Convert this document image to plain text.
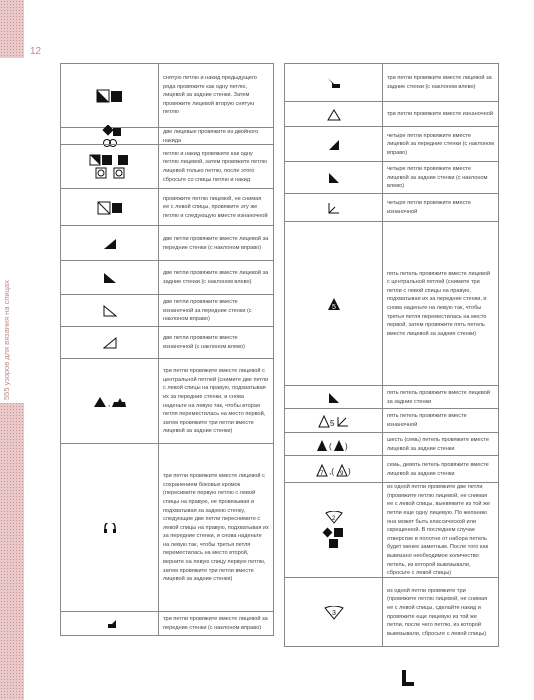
12
555 узоров для вязания на спицах
снятую петлю и накид предыдущего ряда провяжите как одну петлю, лицевой за задние стенки. Затем провяжите лицевой вторую снятую петлю
две лицевые провяжите из двойного накида
петлю и накид провяжите как одну петлю лицевой, затем провяжите петлю лицевой только петлю, после этого сбросьте со спицы петлю и накид
провяжите петлю лицевой, не снимая ее с левой спицы, провяжите эту же петлю и следующую вместе изнаночной
две петли провяжите вместе лицевой за передние стенки (с наклоном вправо)
две петли провяжите вместе лицевой за задние стенки (с наклоном влево)
две петли провяжите вместе изнаночной за передние стенки (с наклоном вправо)
две петли провяжите вместе изнаночной (с наклоном влево)
,
три петли провяжите вместе лицевой с центральной петлей (снимите две петли с левой спицы на правую, подхватывая их за передние стенки, и снова наденьте на левую так, чтобы вторая петля переместилась на место первой, затем провяжите три петли вместе лицевой за задние стенки)
три петли провяжите вместе лицевой с сохранением боковых кромок (пересимите первую петлю с левой спицы на правую, не провязывая и подхватывая за заднюю стенку, следующие две петли переснимите с левой спицы на правую, подхватывая их за передние стенки, и снова наденьте на левую так, чтобы третья петля переместилась на место второй, верните на левую спицу первую петлю, затем провяжите три петли вместе лицевой за задние стенки)
три петли провяжите вместе лицевой за передние стенки (с наклоном вправо)
три петли провяжите вместе лицевой за задние стенки (с наклоном влево)
три петли провяжите вместе изнаночной
четыре петли провяжите вместе лицевой за передние стенки (с наклоном вправо)
четыре петли провяжите вместе лицевой за задние стенки (с наклоном влево)
четыре петли провяжите вместе изнаночной
5
пять петель провяжите вместе лицевой с центральной петлей (снимите три петли с левой спицы на правую, подхватывая их за передние стенки, и снова наденьте на левую так, чтобы третья петля переместилась на место первой, затем провяжите пять петель вместе лицевой за задние стенки)
пять петель провяжите вместе лицевой за задние стенки
5
пять петель провяжите вместе изнаночной
( )
шесть (семь) петель провяжите вместе лицевой за задние стенки
7 ,( 9 )
семь, девять петель провяжите вместе лицевой за задние стенки
2
из одной петли провяжите две петли (провяжите петлю лицевой, не снимая ее с левой спицы, выевяжите из той же петли еще одну лицевую. По желанию она может быть классической или скрещенной. В последнем случае отверстие в полотне от набора петель будет менее заметным. После того как вывязано необходимое количество петель, из которой вывязывали, сбросьте с левой спицы)
3
из одной петли провяжите три (провяжите петлю лицевой, не снимая ее с левой спицы, сделайте накид и провяжите еще лицевую из той же петли, после чего петлю, из которой вывязывали, сбросьте с левой спицы)
